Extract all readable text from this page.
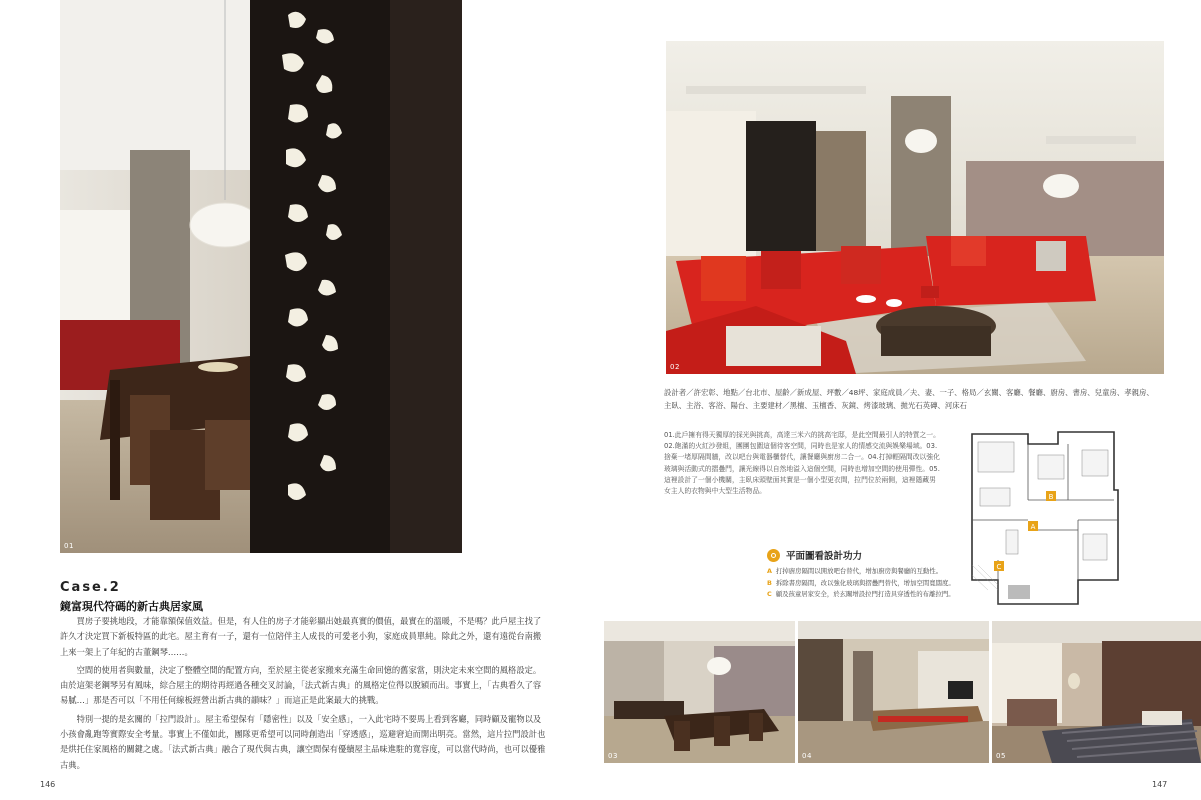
01
Case.2
鏡富現代符碼的新古典居家風

買房子要挑地段，才能靠額保值效益。但是，有人住的房子才能彰顯出她最真實的價值，最實在的溫暖，不是嗎？此戶屋主找了許久才決定買下新板特區的此宅。屋主育有一子，還有一位陪伴主人成長的可愛老小狗，家庭成員單純。除此之外，還有遠從台南搬上來一架上了年紀的古董鋼琴……。

空間的使用者與數量，決定了整體空間的配置方向，至於屋主從老家搬來充滿生命回憶的舊家當，則決定未來空間的風格設定。由於這架老鋼琴另有風味，綜合屋主的期待再經過各種交叉討論，「法式新古典」的風格定位得以脫穎而出。事實上，「古典看久了容易膩…」那是否可以「不用任何線板經營出新古典的韻味？」而這正是此案最大的挑戰。

特別一提的是玄關的「拉門設計」。屋主希望保有「隱密性」以及「安全感」，一入此宅時不要馬上看到客廳，同時顧及寵物以及小孩會亂跑等實際安全考量。事實上不僅如此，團隊更希望可以同時創造出「穿透感」，巡避窘迫而開出明亮。當然，這片拉門設計也是烘托住家風格的關鍵之處。「法式新古典」融合了現代與古典，讓空間保有優續屋主品味進駐的寬容度，可以當代時尚，也可以優雅古典。

146
02
設計者／許宏彰、地點／台北市、屋齡／新成屋、坪數／48坪、家庭成員／夫、妻、一子、格局／玄關、客廳、餐廳、廚房、書房、兒童房、孝親房、主臥、主浴、客浴、陽台、主要建材／黑檀、玉檀香、灰鏡、烤漆玻璃、拋光石英磚、河床石
01.此戶擁有得天獨厚的採光與挑高，高達三米六的挑高宅邸，是此空間最引人的特質之一。02.飽滿的火紅沙發組，團團包圍這個待客空間，同時也是家人的情感交流與娛樂場域。03.捨棄一堵厚隔間牆，改以吧台與電器櫃替代，讓餐廳與廚房二合一。04.打掉輕隔間改以強化玻璃與活動式的摺疊門，讓光線得以自然地溢入這個空間，同時也增加空間的使用彈性。05.這裡設計了一個小機關，主臥床頭壁面其實是一個小型更衣間，拉門位於兩側，這裡隱藏男女主人的衣物與中大型生活物品。
B
A
C
平面圖看設計功力
A 打掉廚房隔間以開放吧台替代，增加廚房與餐廳的互動性。
B 拆除書房隔間，改以強化玻璃與摺疊門替代，增加空間寬闊度。
C 顧及孩童居家安全，於玄關增設拉門打造具穿透性的布離拉門。
03	04	05
147
